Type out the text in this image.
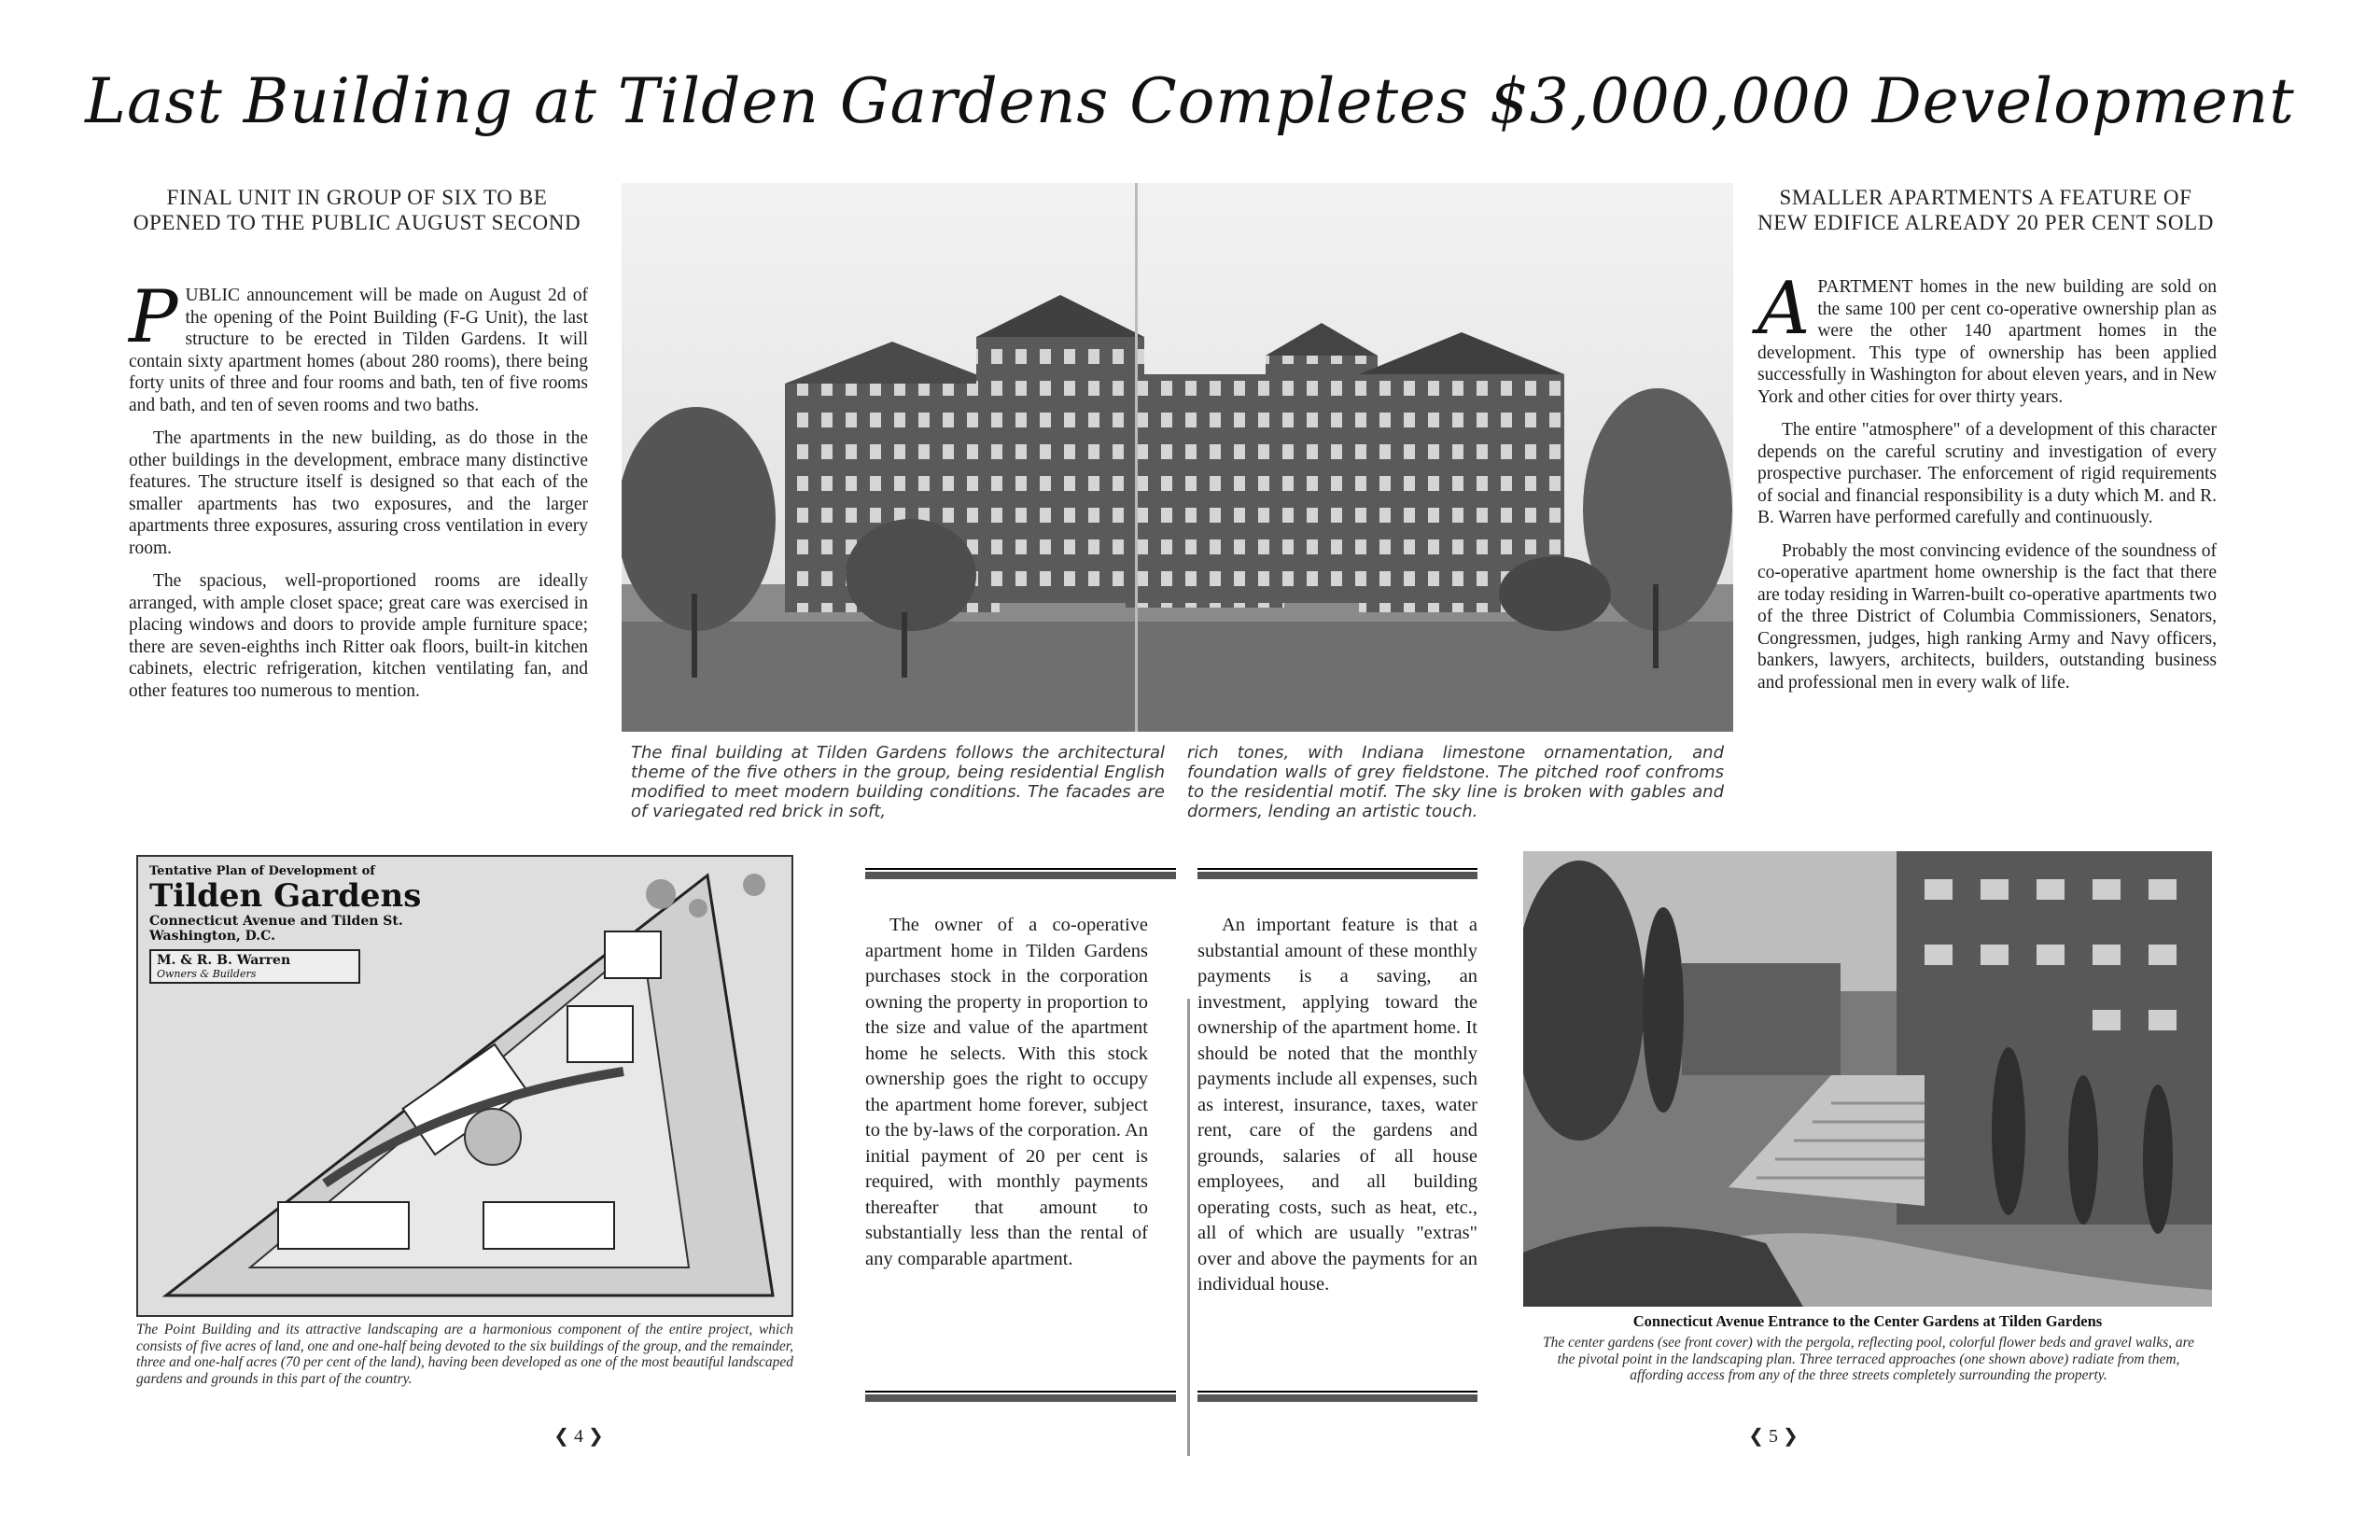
Last Building at Tilden Gardens Completes $3,000,000 Development
FINAL UNIT IN GROUP OF SIX TO BE OPENED TO THE PUBLIC AUGUST SECOND

PUBLIC announcement will be made on August 2d of the opening of the Point Building (F-G Unit), the last structure to be erected in Tilden Gardens. It will contain sixty apartment homes (about 280 rooms), there being forty units of three and four rooms and bath, ten of five rooms and bath, and ten of seven rooms and two baths.

The apartments in the new building, as do those in the other buildings in the development, embrace many distinctive features. The structure itself is designed so that each of the smaller apartments has two exposures, and the larger apartments three exposures, assuring cross ventilation in every room.

The spacious, well-proportioned rooms are ideally arranged, with ample closet space; great care was exercised in placing windows and doors to provide ample furniture space; there are seven-eighths inch Ritter oak floors, built-in kitchen cabinets, electric refrigeration, kitchen ventilating fan, and other features too numerous to mention.

The final building at Tilden Gardens follows the architectural theme of the five others in the group, being residential English modified to meet modern building conditions. The facades are of variegated red brick in soft,
rich tones, with Indiana limestone ornamentation, and foundation walls of grey fieldstone. The pitched roof confroms to the residential motif. The sky line is broken with gables and dormers, lending an artistic touch.
SMALLER APARTMENTS A FEATURE OF NEW EDIFICE ALREADY 20 PER CENT SOLD

APARTMENT homes in the new building are sold on the same 100 per cent co-operative ownership plan as were the other 140 apartment homes in the development. This type of ownership has been applied successfully in Washington for about eleven years, and in New York and other cities for over thirty years.

The entire "atmosphere" of a development of this character depends on the careful scrutiny and investigation of every prospective purchaser. The enforcement of rigid requirements of social and financial responsibility is a duty which M. and R. B. Warren have performed carefully and continuously.

Probably the most convincing evidence of the soundness of co-operative apartment home ownership is the fact that there are today residing in Warren-built co-operative apartments two of the three District of Columbia Commissioners, Senators, Congressmen, judges, high ranking Army and Navy officers, bankers, lawyers, architects, builders, outstanding business and professional men in every walk of life.

Tentative Plan of Development of
Tilden Gardens
Connecticut Avenue and Tilden St.
Washington, D.C.
M. & R. B. Warren
Owners & Builders
The Point Building and its attractive landscaping are a harmonious component of the entire project, which consists of five acres of land, one and one-half being devoted to the six buildings of the group, and the remainder, three and one-half acres (70 per cent of the land), having been developed as one of the most beautiful landscaped gardens and grounds in this part of the country.

The owner of a co-operative apartment home in Tilden Gardens purchases stock in the corporation owning the property in proportion to the size and value of the apartment home he selects. With this stock ownership goes the right to occupy the apartment home forever, subject to the by-laws of the corporation. An initial payment of 20 per cent is required, with monthly payments thereafter that amount to substantially less than the rental of any comparable apartment.

An important feature is that a substantial amount of these monthly payments is a saving, an investment, applying toward the ownership of the apartment home. It should be noted that the monthly payments include all expenses, such as interest, insurance, taxes, water rent, care of the gardens and grounds, salaries of all house employees, and all building operating costs, such as heat, etc., all of which are usually "extras" over and above the payments for an individual house.

Connecticut Avenue Entrance to the Center Gardens at Tilden Gardens
The center gardens (see front cover) with the pergola, reflecting pool, colorful flower beds and gravel walks, are the pivotal point in the landscaping plan. Three terraced approaches (one shown above) radiate from them, affording access from any of the three streets completely surrounding the property.
❮ 4 ❯	❮ 5 ❯
